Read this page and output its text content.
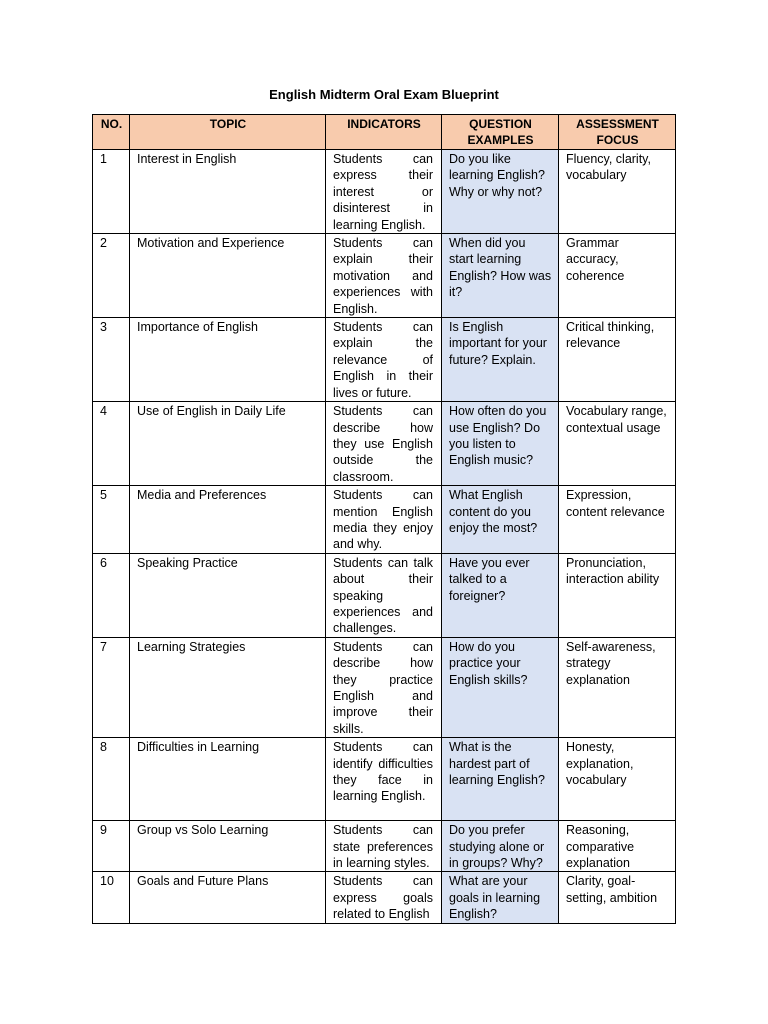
English Midterm Oral Exam Blueprint
NO.	TOPIC	INDICATORS	QUESTION EXAMPLES	ASSESSMENT FOCUS
1	Interest in English	Students can express their interest or disinterest in learning English.	Do you like learning English? Why or why not?	Fluency, clarity, vocabulary
2	Motivation and Experience	Students can explain their motivation and experiences with English.	When did you start learning English? How was it?	Grammar accuracy, coherence
3	Importance of English	Students can explain the relevance of English in their lives or future.	Is English important for your future? Explain.	Critical thinking, relevance
4	Use of English in Daily Life	Students can describe how they use English outside the classroom.	How often do you use English? Do you listen to English music?	Vocabulary range, contextual usage
5	Media and Preferences	Students can mention English media they enjoy and why.	What English content do you enjoy the most?	Expression, content relevance
6	Speaking Practice	Students can talk about their speaking experiences and challenges.	Have you ever talked to a foreigner?	Pronunciation, interaction ability
7	Learning Strategies	Students can describe how they practice English and improve their skills.	How do you practice your English skills?	Self-awareness, strategy explanation
8	Difficulties in Learning	Students can identify difficulties they face in learning English.	What is the hardest part of learning English?	Honesty, explanation, vocabulary
9	Group vs Solo Learning	Students can state preferences in learning styles.	Do you prefer studying alone or in groups? Why?	Reasoning, comparative explanation
10	Goals and Future Plans	Students can express goals related to English	What are your goals in learning English?	Clarity, goal-setting, ambition
